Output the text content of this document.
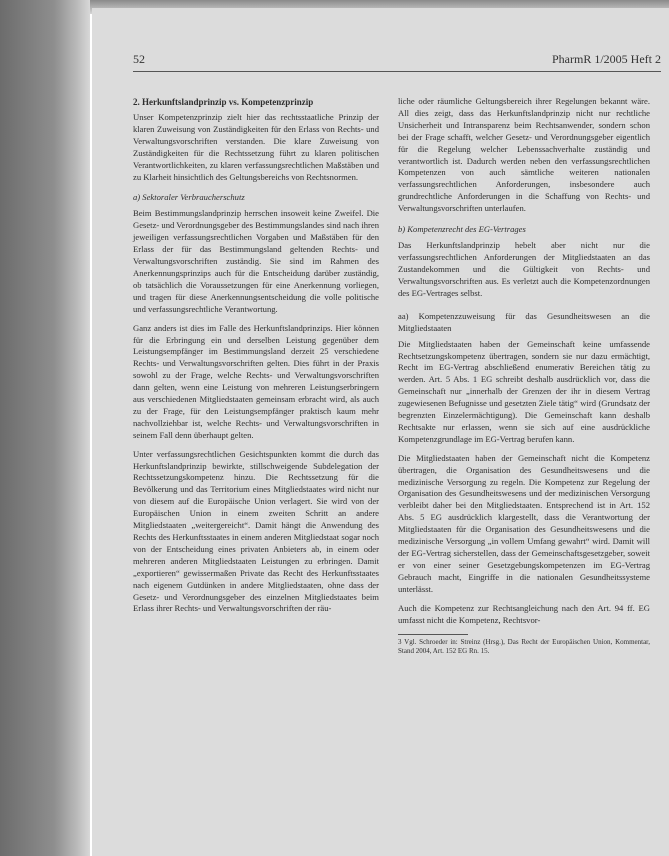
52	PharmR 1/2005 Heft 2
2. Herkunftslandprinzip vs. Kompetenzprinzip

Unser Kompetenzprinzip zielt hier das rechtsstaatliche Prinzip der klaren Zuweisung von Zuständigkeiten für den Erlass von Rechts- und Verwaltungsvorschriften verstanden. Die klare Zuweisung von Zuständigkeiten für die Rechtssetzung führt zu klaren politischen Verantwortlichkeiten, zu klaren verfassungsrechtlichen Maßstäben und zu Klarheit hinsichtlich des Geltungsbereichs von Rechtsnormen.

a) Sektoraler Verbraucherschutz

Beim Bestimmungslandprinzip herrschen insoweit keine Zweifel. Die Gesetz- und Verordnungsgeber des Bestimmungslandes sind nach ihren jeweiligen verfassungsrechtlichen Vorgaben und Maßstäben für den Erlass der für das Bestimmungsland geltenden Rechts- und Verwaltungsvorschriften zuständig. Sie sind im Rahmen des Anerkennungsprinzips auch für die Entscheidung darüber zuständig, ob tatsächlich die Voraussetzungen für eine Anerkennung vorliegen, und tragen für diese Anerkennungsentscheidung die volle politische und verfassungsrechtliche Verantwortung.

Ganz anders ist dies im Falle des Herkunftslandprinzips. Hier können für die Erbringung ein und derselben Leistung gegenüber dem Leistungsempfänger im Bestimmungsland derzeit 25 verschiedene Rechts- und Verwaltungsvorschriften gelten. Dies führt in der Praxis sowohl zu der Frage, welche Rechts- und Verwaltungsvorschriften dann gelten, wenn eine Leistung von mehreren Leistungserbringern aus verschiedenen Mitgliedstaaten gemeinsam erbracht wird, als auch zu der Frage, für den Leistungsempfänger praktisch kaum mehr nachvollziehbar ist, welche Rechts- und Verwaltungsvorschriften in seinem Fall denn überhaupt gelten.

Unter verfassungsrechtlichen Gesichtspunkten kommt die durch das Herkunftslandprinzip bewirkte, stillschweigende Subdelegation der Rechtssetzungskompetenz hinzu. Die Rechtssetzung für die Bevölkerung und das Territorium eines Mitgliedstaates wird nicht nur von diesem auf die Europäische Union verlagert. Sie wird von der Europäischen Union in einem zweiten Schritt an andere Mitgliedstaaten „weitergereicht“. Damit hängt die Anwendung des Rechts des Herkunftsstaates in einem anderen Mitgliedstaat sogar noch von der Entscheidung eines privaten Anbieters ab, in einem oder mehreren anderen Mitgliedstaaten Leistungen zu erbringen. Damit „exportieren“ gewissermaßen Private das Recht des Herkunftsstaates nach eigenem Gutdünken in andere Mitgliedstaaten, ohne dass der Gesetz- und Verordnungsgeber des einzelnen Mitgliedstaates beim Erlass ihrer Rechts- und Verwaltungsvorschriften der räu-

liche oder räumliche Geltungsbereich ihrer Regelungen bekannt wäre. All dies zeigt, dass das Herkunftslandprinzip nicht nur rechtliche Unsicherheit und Intransparenz beim Rechtsanwender, sondern schon bei der Frage schafft, welcher Gesetz- und Verordnungsgeber eigentlich für die Regelung welcher Lebenssachverhalte zuständig und verantwortlich ist. Dadurch werden neben den verfassungsrechtlichen Kompetenzen von auch sämtliche weiteren nationalen verfassungsrechtlichen Anforderungen, insbesondere auch grundrechtliche Anforderungen in die Schaffung von Rechts- und Verwaltungsvorschriften unterlaufen.

b) Kompetenzrecht des EG-Vertrages

Das Herkunftslandprinzip hebelt aber nicht nur die verfassungsrechtlichen Anforderungen der Mitgliedstaaten an das Zustandekommen und die Gültigkeit von Rechts- und Verwaltungsvorschriften aus. Es verletzt auch die Kompetenzordnungen des EG-Vertrages selbst.

aa) Kompetenzzuweisung für das Gesundheitswesen an die Mitgliedstaaten

Die Mitgliedstaaten haben der Gemeinschaft keine umfassende Rechtsetzungskompetenz übertragen, sondern sie nur dazu ermächtigt, Recht im EG-Vertrag abschließend enumerativ Bereichen tätig zu werden. Art. 5 Abs. 1 EG schreibt deshalb ausdrücklich vor, dass die Gemeinschaft nur „innerhalb der Grenzen der ihr in diesem Vertrag zugewiesenen Befugnisse und gesetzten Ziele tätig“ wird (Grundsatz der begrenzten Einzelermächtigung). Die Gemeinschaft kann deshalb Rechtsakte nur erlassen, wenn sie sich auf eine ausdrückliche Kompetenzgrundlage im EG-Vertrag berufen kann.

Die Mitgliedstaaten haben der Gemeinschaft nicht die Kompetenz übertragen, die Organisation des Gesundheitswesens und die medizinische Versorgung zu regeln. Die Kompetenz zur Regelung der Organisation des Gesundheitswesens und der medizinischen Versorgung verbleibt daher bei den Mitgliedstaaten. Entsprechend ist in Art. 152 Abs. 5 EG ausdrücklich klargestellt, dass die Verantwortung der Mitgliedstaaten für die Organisation des Gesundheitswesens und die medizinische Versorgung „in vollem Umfang gewahrt“ wird. Damit will der EG-Vertrag sicherstellen, dass der Gemeinschaftsgesetzgeber, soweit er von einer seiner Gesetzgebungskompetenzen im EG-Vertrag Gebrauch macht, Eingriffe in die nationalen Gesundheitssysteme unterlässt.

Auch die Kompetenz zur Rechtsangleichung nach den Art. 94 ff. EG umfasst nicht die Kompetenz, Rechtsvor-

3 Vgl. Schroeder in: Streinz (Hrsg.), Das Recht der Europäischen Union, Kommentar, Stand 2004, Art. 152 EG Rn. 15.
